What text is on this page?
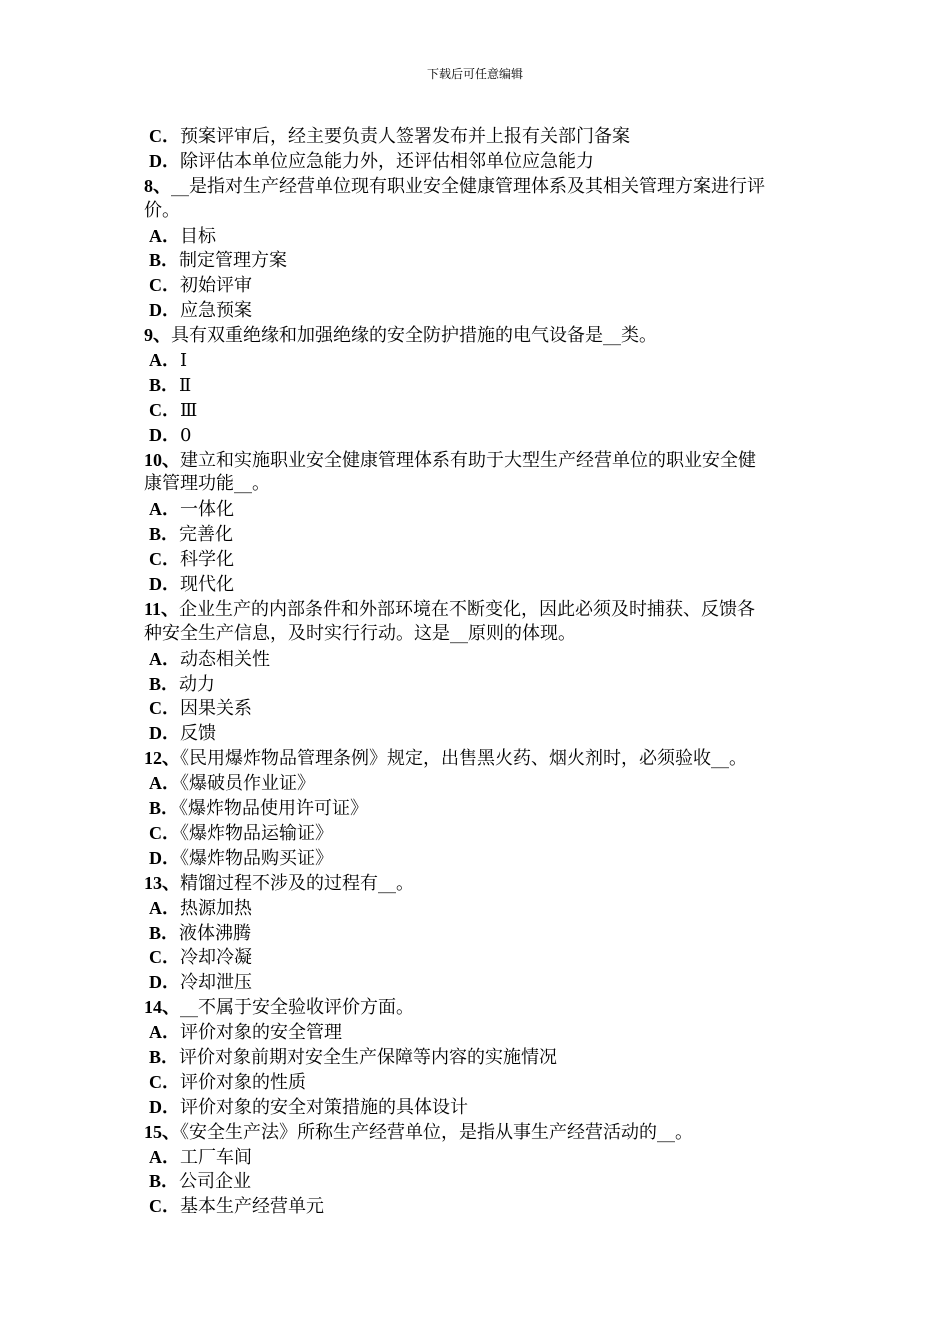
下载后可任意编辑
C．预案评审后，经主要负责人签署发布并上报有关部门备案
D．除评估本单位应急能力外，还评估相邻单位应急能力
8、__是指对生产经营单位现有职业安全健康管理体系及其相关管理方案进行评
价。
A．目标
B．制定管理方案
C．初始评审
D．应急预案
9、具有双重绝缘和加强绝缘的安全防护措施的电气设备是__类。
A．Ⅰ
B．Ⅱ
C．Ⅲ
D．0
10、建立和实施职业安全健康管理体系有助于大型生产经营单位的职业安全健
康管理功能__。
A．一体化
B．完善化
C．科学化
D．现代化
11、企业生产的内部条件和外部环境在不断变化，因此必须及时捕获、反馈各
种安全生产信息，及时实行行动。这是__原则的体现。
A．动态相关性
B．动力
C．因果关系
D．反馈
12、《民用爆炸物品管理条例》规定，出售黑火药、烟火剂时，必须验收__。
A．《爆破员作业证》
B．《爆炸物品使用许可证》
C．《爆炸物品运输证》
D．《爆炸物品购买证》
13、精馏过程不涉及的过程有__。
A．热源加热
B．液体沸腾
C．冷却冷凝
D．冷却泄压
14、__不属于安全验收评价方面。
A．评价对象的安全管理
B．评价对象前期对安全生产保障等内容的实施情况
C．评价对象的性质
D．评价对象的安全对策措施的具体设计
15、《安全生产法》所称生产经营单位，是指从事生产经营活动的__。
A．工厂车间
B．公司企业
C．基本生产经营单元
